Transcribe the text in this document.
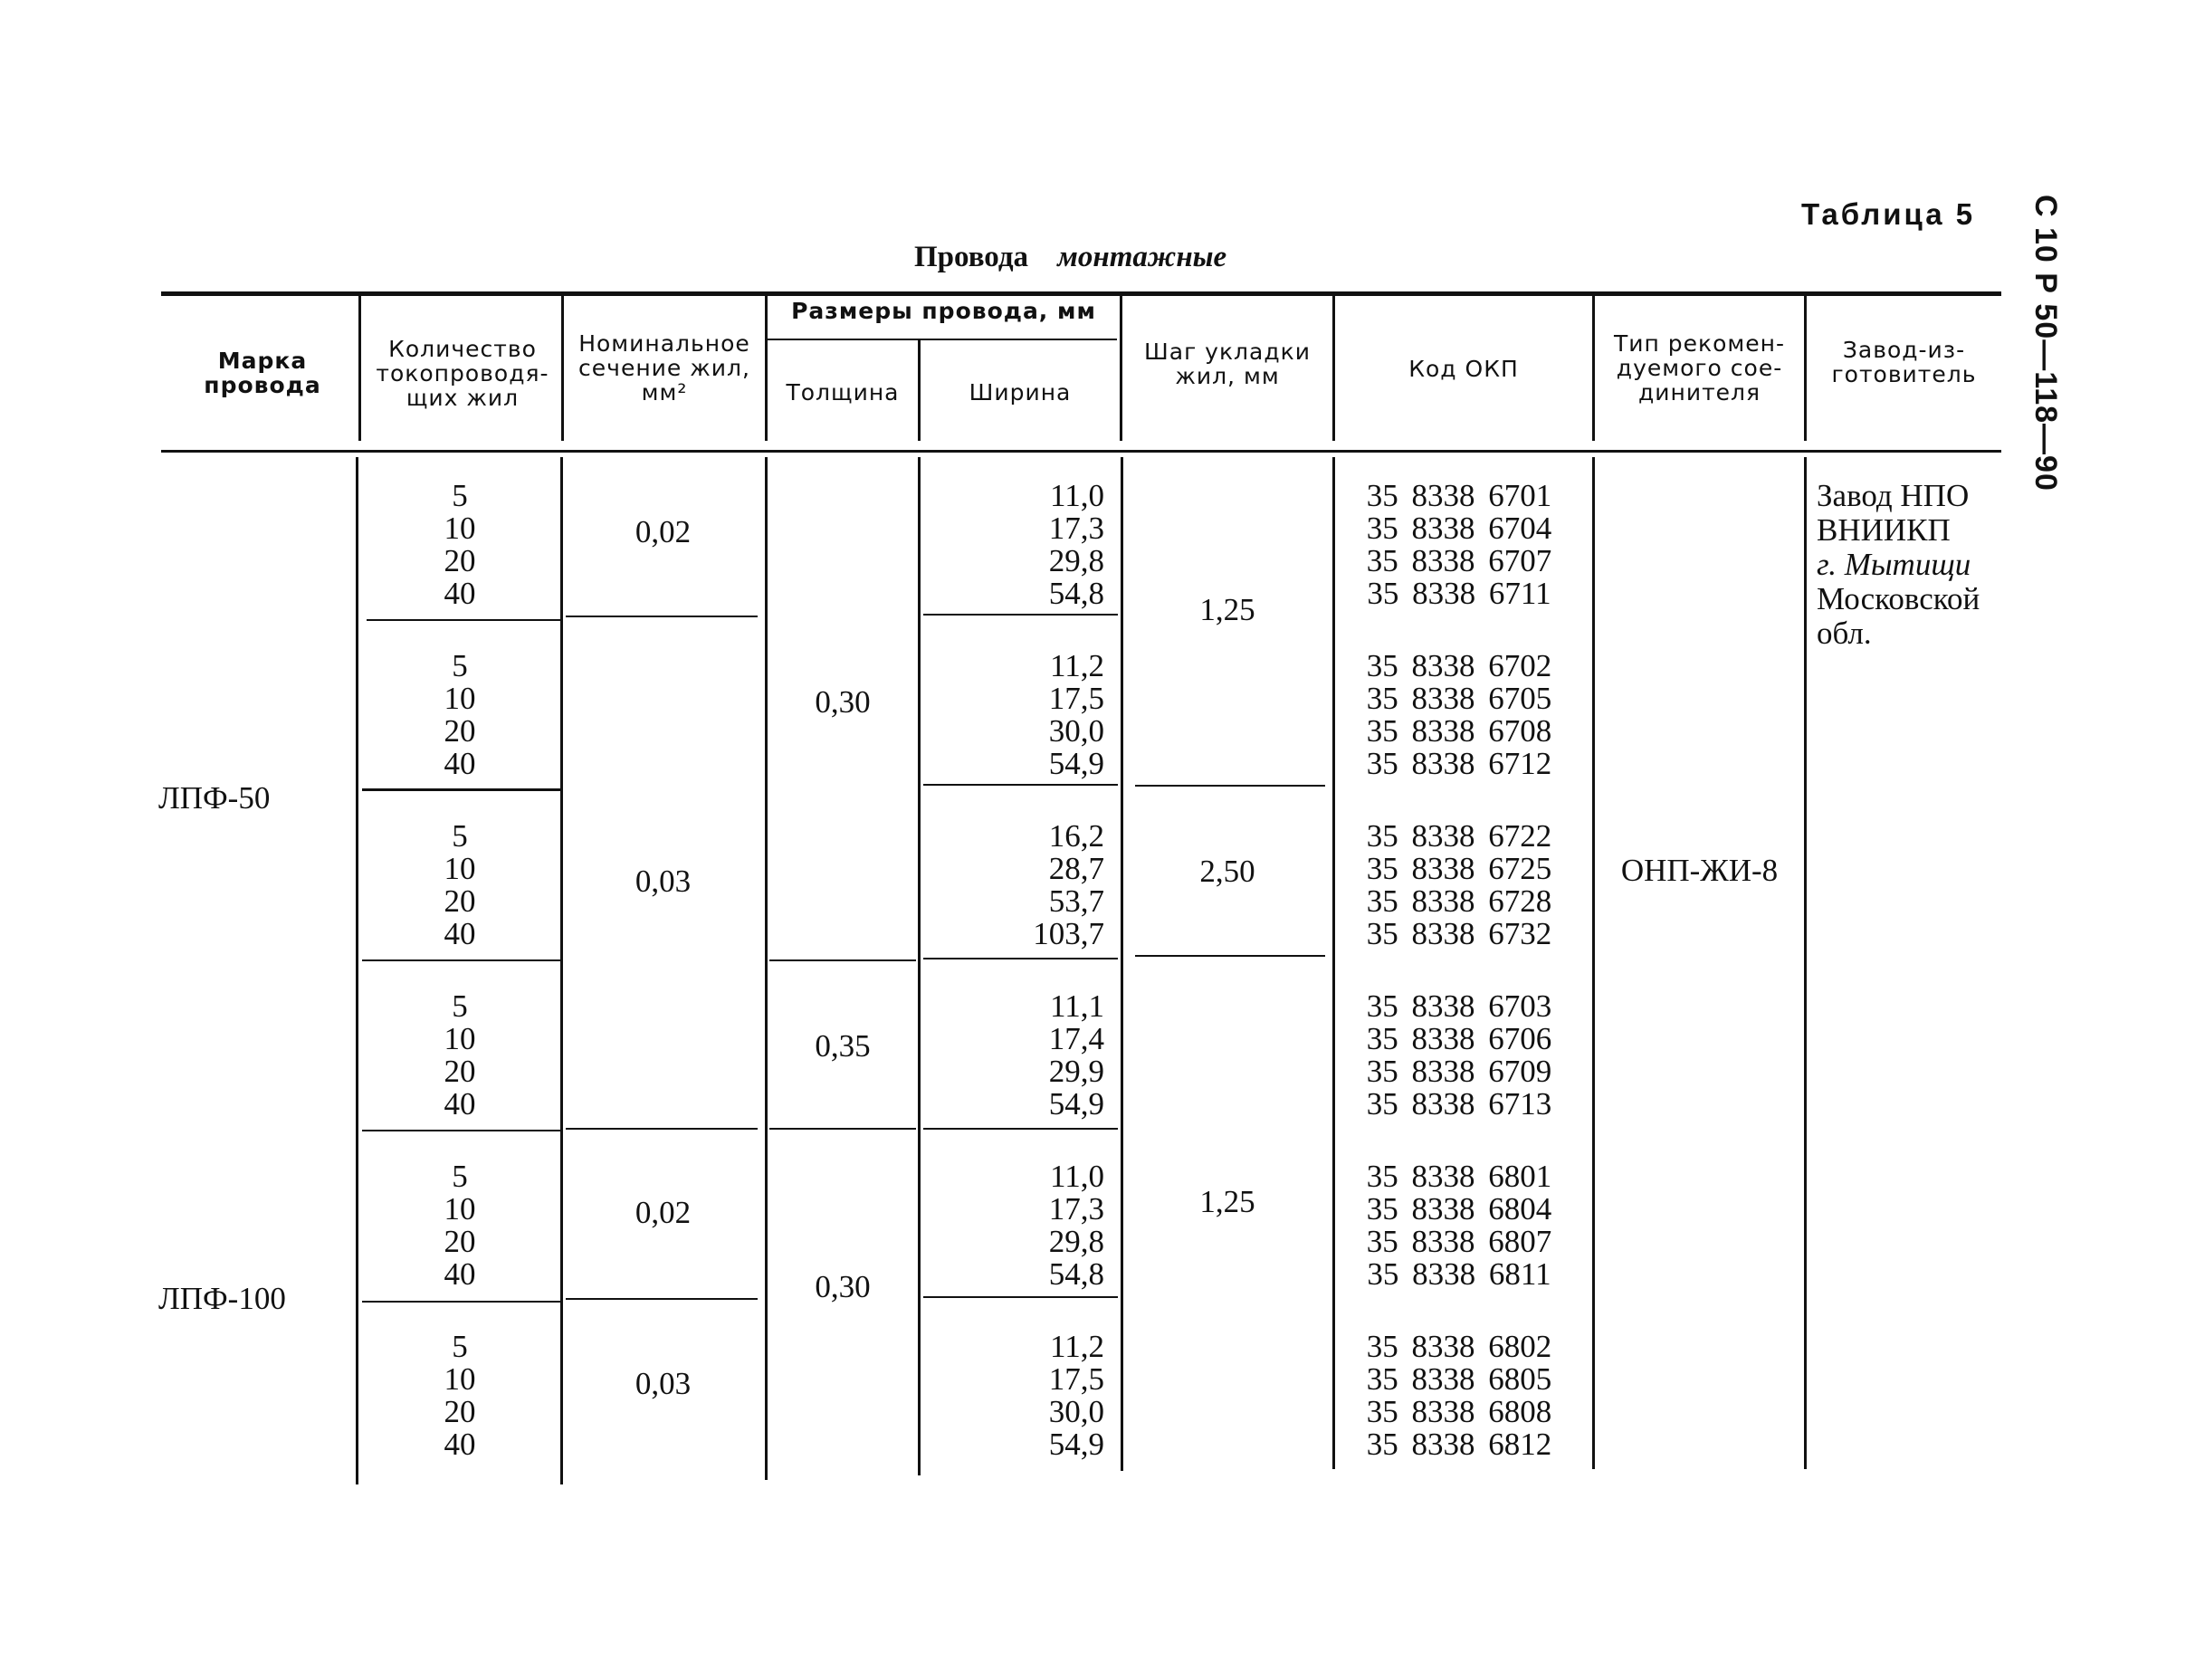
С 10 Р 50—118—90
Таблица 5
Провода монтажные
Марка
провода
Количество
токопроводя-
щих жил
Номинальное
сечение жил,
мм²
Размеры провода, мм
Толщина	Ширина
Шаг укладки
жил, мм	Код ОКП
Тип рекомен-
дуемого сое-
динителя
Завод-из-
готовитель
ЛПФ-50
ЛПФ-100
5
10
20
40
11,0
17,3
29,8
54,8
35 8338 6701
35 8338 6704
35 8338 6707
35 8338 6711
5
10
20
40
11,2
17,5
30,0
54,9
35 8338 6702
35 8338 6705
35 8338 6708
35 8338 6712
5
10
20
40
16,2
28,7
53,7
103,7
35 8338 6722
35 8338 6725
35 8338 6728
35 8338 6732
5
10
20
40
11,1
17,4
29,9
54,9
35 8338 6703
35 8338 6706
35 8338 6709
35 8338 6713
5
10
20
40
11,0
17,3
29,8
54,8
35 8338 6801
35 8338 6804
35 8338 6807
35 8338 6811
5
10
20
40
11,2
17,5
30,0
54,9
35 8338 6802
35 8338 6805
35 8338 6808
35 8338 6812
0,02
0,03
0,02
0,03
0,30
0,35
0,30
1,25
2,50
1,25
ОНП-ЖИ-8
Завод НПО
ВНИИКП
г. Мытищи
Московской
обл.
